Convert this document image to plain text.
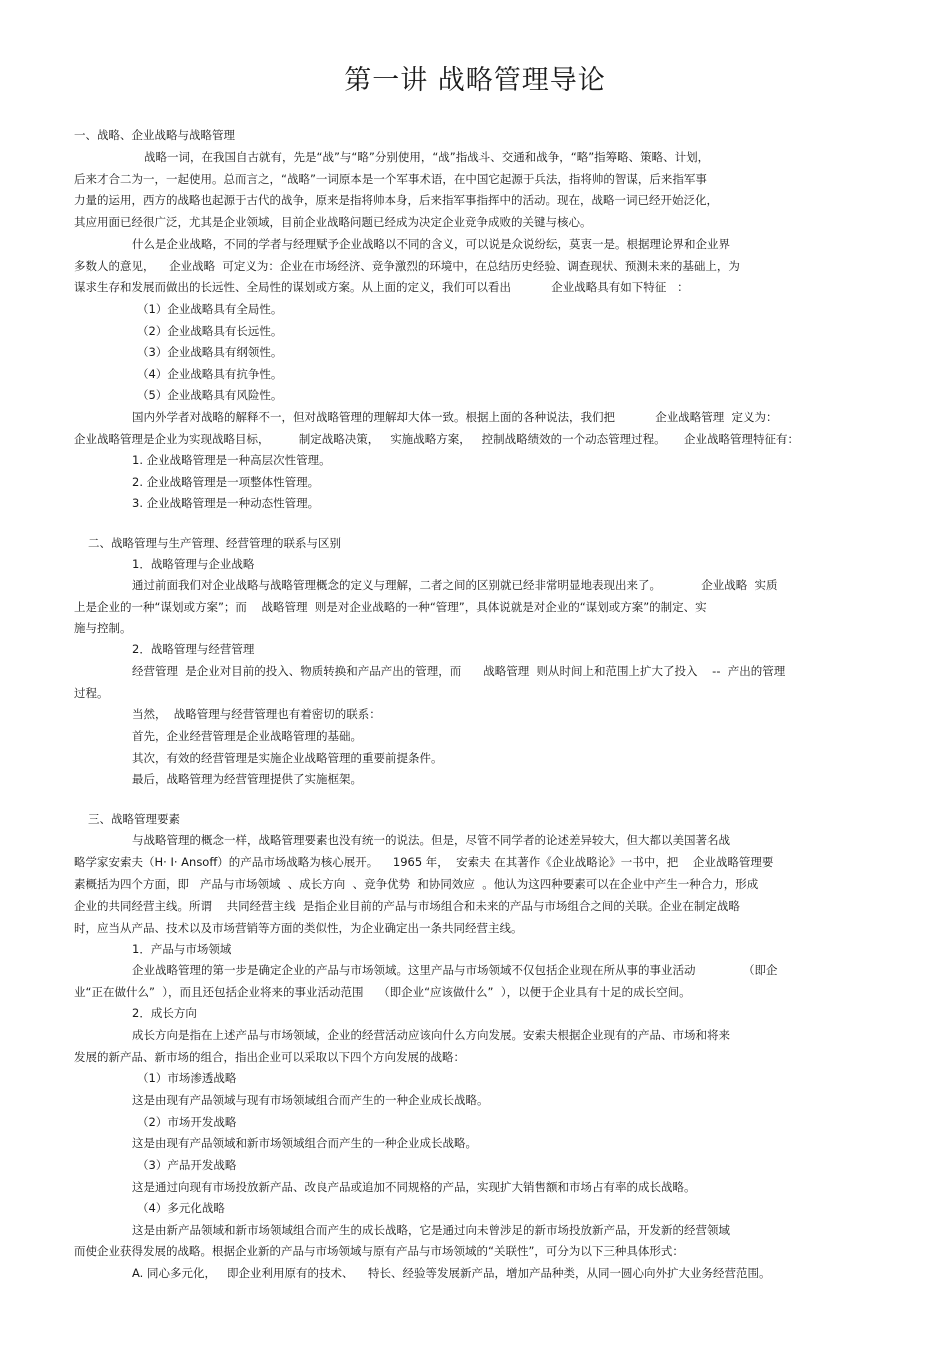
第一讲 战略管理导论
一、战略、企业战略与战略管理
战略一词，在我国自古就有，先是“战”与“略”分别使用，“战”指战斗、交通和战争，“略”指筹略、策略、计划，
后来才合二为一，一起使用。总而言之，“战略”一词原本是一个军事术语，在中国它起源于兵法，指将帅的智谋，后来指军事
力量的运用，西方的战略也起源于古代的战争，原来是指将帅本身，后来指军事指挥中的活动。现在，战略一词已经开始泛化，
其应用面已经很广泛，尤其是企业领域，目前企业战略问题已经成为决定企业竞争成败的关键与核心。
什么是企业战略，不同的学者与经理赋予企业战略以不同的含义，可以说是众说纷纭，莫衷一是。根据理论界和企业界
多数人的意见，    企业战略  可定义为：企业在市场经济、竞争激烈的环境中，在总结历史经验、调查现状、预测未来的基础上，为
谋求生存和发展而做出的长远性、全局性的谋划或方案。从上面的定义，我们可以看出           企业战略具有如下特征   ：
（1）企业战略具有全局性。
（2）企业战略具有长远性。
（3）企业战略具有纲领性。
（4）企业战略具有抗争性。
（5）企业战略具有风险性。
国内外学者对战略的解释不一，但对战略管理的理解却大体一致。根据上面的各种说法，我们把           企业战略管理  定义为：
企业战略管理是企业为实现战略目标，        制定战略决策，   实施战略方案，   控制战略绩效的一个动态管理过程。     企业战略管理特征有：
1. 企业战略管理是一种高层次性管理。
2. 企业战略管理是一项整体性管理。
3. 企业战略管理是一种动态性管理。
二、战略管理与生产管理、经营管理的联系与区别
1．战略管理与企业战略
通过前面我们对企业战略与战略管理概念的定义与理解，二者之间的区别就已经非常明显地表现出来了。           企业战略  实质
上是企业的一种“谋划或方案”；而    战略管理  则是对企业战略的一种“管理”，具体说就是对企业的“谋划或方案”的制定、实
施与控制。
2．战略管理与经营管理
经营管理  是企业对目前的投入、物质转换和产品产出的管理，而      战略管理  则从时间上和范围上扩大了投入    --  产出的管理
过程。
当然，  战略管理与经营管理也有着密切的联系：
首先，企业经营管理是企业战略管理的基础。
其次，有效的经营管理是实施企业战略管理的重要前提条件。
最后，战略管理为经营管理提供了实施框架。
三、战略管理要素
与战略管理的概念一样，战略管理要素也没有统一的说法。但是，尽管不同学者的论述差异较大，但大都以美国著名战
略学家安索夫（H· I· Ansoff）的产品市场战略为核心展开。    1965 年，  安索夫 在其著作《企业战略论》一书中，把    企业战略管理要
素概括为四个方面，即   产品与市场领域  、成长方向  、竞争优势  和协同效应  。他认为这四种要素可以在企业中产生一种合力，形成
企业的共同经营主线。所谓    共同经营主线  是指企业目前的产品与市场组合和未来的产品与市场组合之间的关联。企业在制定战略
时，应当从产品、技术以及市场营销等方面的类似性，为企业确定出一条共同经营主线。
1．产品与市场领域
企业战略管理的第一步是确定企业的产品与市场领域。这里产品与市场领域不仅包括企业现在所从事的事业活动             （即企
业“正在做什么”  ），而且还包括企业将来的事业活动范围    （即企业“应该做什么”  ），以便于企业具有十足的成长空间。
2．成长方向
成长方向是指在上述产品与市场领域，企业的经营活动应该向什么方向发展。安索夫根据企业现有的产品、市场和将来
发展的新产品、新市场的组合，指出企业可以采取以下四个方向发展的战略：
（1）市场渗透战略
这是由现有产品领域与现有市场领域组合而产生的一种企业成长战略。
（2）市场开发战略
这是由现有产品领域和新市场领域组合而产生的一种企业成长战略。
（3）产品开发战略
这是通过向现有市场投放新产品、改良产品或追加不同规格的产品，实现扩大销售额和市场占有率的成长战略。
（4）多元化战略
这是由新产品领域和新市场领域组合而产生的成长战略，它是通过向未曾涉足的新市场投放新产品，开发新的经营领域
而使企业获得发展的战略。根据企业新的产品与市场领域与原有产品与市场领域的“关联性”，可分为以下三种具体形式：
A. 同心多元化，   即企业利用原有的技术、    特长、经验等发展新产品，增加产品种类，从同一圆心向外扩大业务经营范围。
